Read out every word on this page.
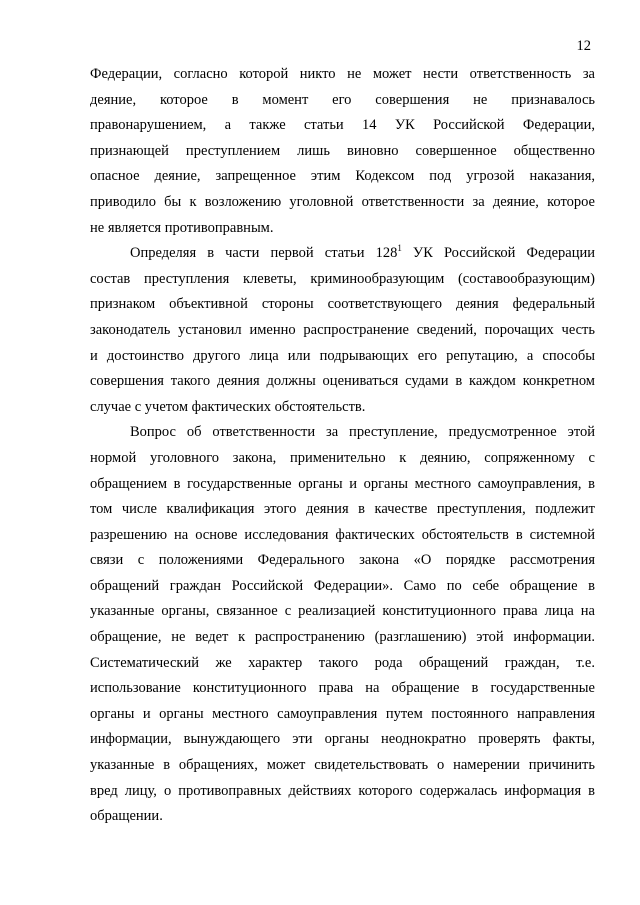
12
Федерации, согласно которой никто не может нести ответственность за
деяние, которое в момент его совершения не признавалось
правонарушением, а также статьи 14 УК Российской Федерации,
признающей преступлением лишь виновно совершенное общественно
опасное деяние, запрещенное этим Кодексом под угрозой наказания,
приводило бы к возложению уголовной ответственности за деяние, которое
не является противоправным.
Определяя в части первой статьи $128^1$ УК Российской Федерации
состав преступления клеветы, криминообразующим (составообразующим)
признаком объективной стороны соответствующего деяния федеральный
законодатель установил именно распространение сведений, порочащих честь
и достоинство другого лица или подрывающих его репутацию, а способы
совершения такого деяния должны оцениваться судами в каждом конкретном
случае с учетом фактических обстоятельств.
Вопрос об ответственности за преступление, предусмотренное этой
нормой уголовного закона, применительно к деянию, сопряженному с
обращением в государственные органы и органы местного самоуправления, в
том числе квалификация этого деяния в качестве преступления, подлежит
разрешению на основе исследования фактических обстоятельств в системной
связи с положениями Федерального закона «О порядке рассмотрения
обращений граждан Российской Федерации». Само по себе обращение в
указанные органы, связанное с реализацией конституционного права лица на
обращение, не ведет к распространению (разглашению) этой информации.
Систематический же характер такого рода обращений граждан, т.е.
использование конституционного права на обращение в государственные
органы и органы местного самоуправления путем постоянного направления
информации, вынуждающего эти органы неоднократно проверять факты,
указанные в обращениях, может свидетельствовать о намерении причинить
вред лицу, о противоправных действиях которого содержалась информация в
обращении.
